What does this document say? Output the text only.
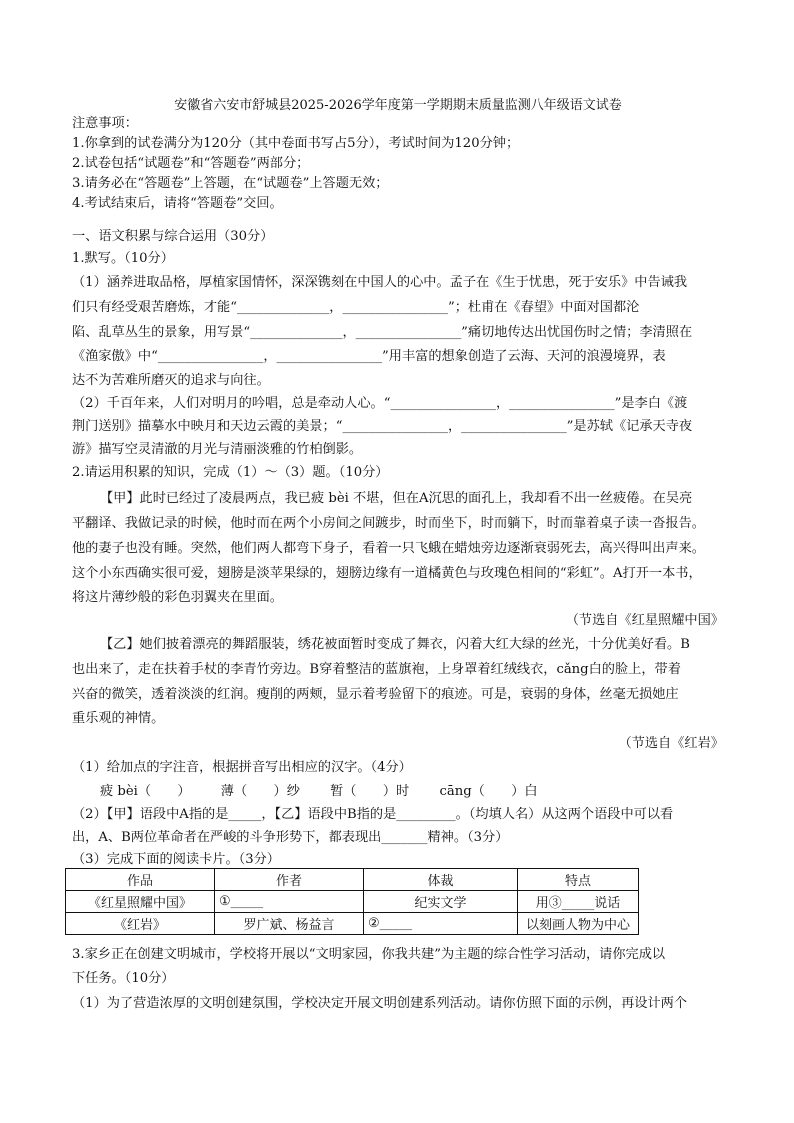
安徽省六安市舒城县2025-2026学年度第一学期期末质量监测八年级语文试卷
注意事项：
1.你拿到的试卷满分为120分（其中卷面书写占5分），考试时间为120分钟；
2.试卷包括“试题卷”和“答题卷”两部分；
3.请务必在“答题卷”上答题，在“试题卷”上答题无效；
4.考试结束后，请将“答题卷”交回。
一、语文积累与综合运用（30分）
1.默写。（10分）
（1）涵养进取品格，厚植家国情怀，深深镌刻在中国人的心中。孟子在《生于忧患，死于安乐》中告诫我
们只有经受艰苦磨炼，才能“______________，________________”；杜甫在《春望》中面对国都沦
陷、乱草丛生的景象，用写景“______________，________________”痛切地传达出忧国伤时之情；李清照在
《渔家傲》中“________________，________________”用丰富的想象创造了云海、天河的浪漫境界，表
达不为苦难所磨灭的追求与向往。
（2）千百年来，人们对明月的吟唱，总是牵动人心。“________________，________________”是李白《渡
荆门送别》描摹水中映月和天边云霞的美景；“________________，________________”是苏轼《记承天寺夜
游》描写空灵清澈的月光与清丽淡雅的竹柏倒影。
2.请运用积累的知识，完成（1）～（3）题。（10分）
【甲】此时已经过了凌晨两点，我已疲 bèi 不堪，但在A沉思的面孔上，我却看不出一丝疲倦。在吴亮
平翻译、我做记录的时候，他时而在两个小房间之间踱步，时而坐下，时而躺下，时而靠着桌子读一沓报告。
他的妻子也没有睡。突然，他们两人都弯下身子，看着一只飞蛾在蜡烛旁边逐渐衰弱死去，高兴得叫出声来。
这个小东西确实很可爱，翅膀是淡苹果绿的，翅膀边缘有一道橘黄色与玫瑰色相间的“彩虹”。A打开一本书，
将这片薄纱般的彩色羽翼夹在里面。
（节选自《红星照耀中国》
【乙】她们披着漂亮的舞蹈服装，绣花被面暂时变成了舞衣，闪着大红大绿的丝光，十分优美好看。B
也出来了，走在扶着手杖的李青竹旁边。B穿着整洁的蓝旗袍，上身罩着红绒线衣，cǎng白的脸上，带着
兴奋的微笑，透着淡淡的红润。瘦削的两颊，显示着考验留下的痕迹。可是，衰弱的身体，丝毫无损她庄
重乐观的神情。
（节选自《红岩》
（1）给加点的字注音，根据拼音写出相应的汉字。（4分）
疲 bèi（　　） 薄（　　）纱 暂（　　）时 cāng（　　）白
（2）【甲】语段中A指的是_____，【乙】语段中B指的是_________。（均填人名）从这两个语段中可以看
出，A、B两位革命者在严峻的斗争形势下，都表现出_______精神。（3分）
（3）完成下面的阅读卡片。（3分）
作品	作者	体裁	特点
《红星照耀中国》	①_____	纪实文学	用③_____说话
《红岩》	罗广斌、杨益言	②_____	以刻画人物为中心
3.家乡正在创建文明城市，学校将开展以“文明家园，你我共建”为主题的综合性学习活动，请你完成以
下任务。（10分）
（1）为了营造浓厚的文明创建氛围，学校决定开展文明创建系列活动。请你仿照下面的示例，再设计两个
